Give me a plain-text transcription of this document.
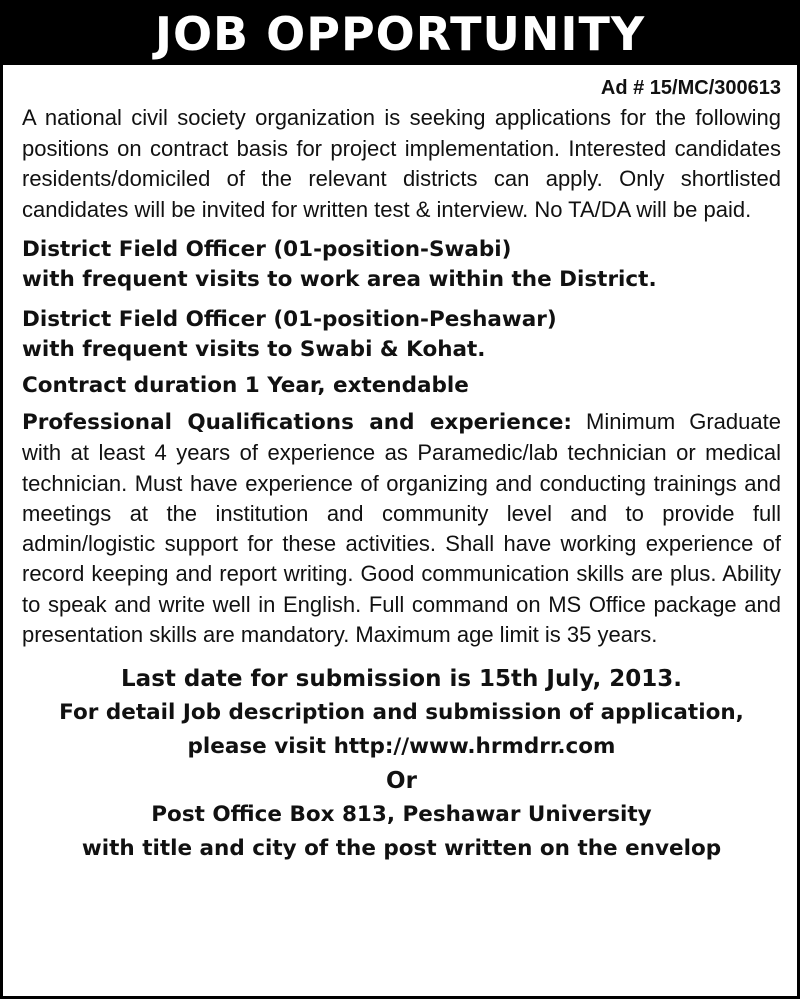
JOB OPPORTUNITY
Ad # 15/MC/300613

A national civil society organization is seeking applications for the following positions on contract basis for project implementation. Interested candidates residents/domiciled of the relevant districts can apply. Only shortlisted candidates will be invited for written test & interview. No TA/DA will be paid.

District Field Officer (01-position-Swabi)
with frequent visits to work area within the District.
District Field Officer (01-position-Peshawar)
with frequent visits to Swabi & Kohat.
Contract duration 1 Year, extendable

Professional Qualifications and experience: Minimum Graduate with at least 4 years of experience as Paramedic/lab technician or medical technician. Must have experience of organizing and conducting trainings and meetings at the institution and community level and to provide full admin/logistic support for these activities. Shall have working experience of record keeping and report writing. Good communication skills are plus. Ability to speak and write well in English. Full command on MS Office package and presentation skills are mandatory. Maximum age limit is 35 years.

Last date for submission is 15th July, 2013.
For detail Job description and submission of application,
please visit http://www.hrmdrr.com
Or
Post Office Box 813, Peshawar University
with title and city of the post written on the envelop
